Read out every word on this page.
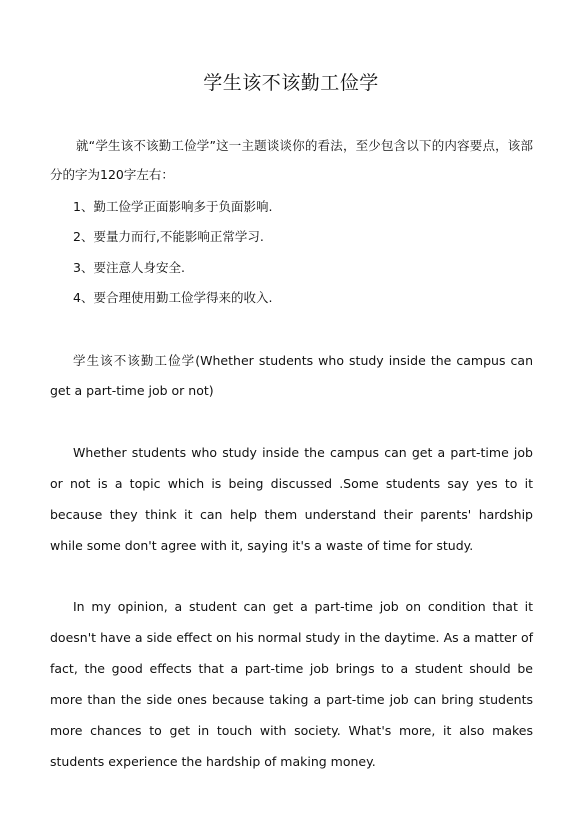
学生该不该勤工俭学
就“学生该不该勤工俭学”这一主题谈谈你的看法，至少包含以下的内容要点，该部分的字为120字左右：
1、勤工俭学正面影响多于负面影响.
2、要量力而行,不能影响正常学习.
3、要注意人身安全.
4、要合理使用勤工俭学得来的收入.
学生该不该勤工俭学(Whether students who study inside the campus can get a part-time job or not)
Whether students who study inside the campus can get a part-time job or not is a topic which is being discussed .Some students say yes to it because they think it can help them understand their parents' hardship while some don't agree with it, saying it's a waste of time for study.
In my opinion, a student can get a part-time job on condition that it doesn't have a side effect on his normal study in the daytime. As a matter of fact, the good effects that a part-time job brings to a student should be more than the side ones because taking a part-time job can bring students more chances to get in touch with society. What's more, it also makes students experience the hardship of making money.
